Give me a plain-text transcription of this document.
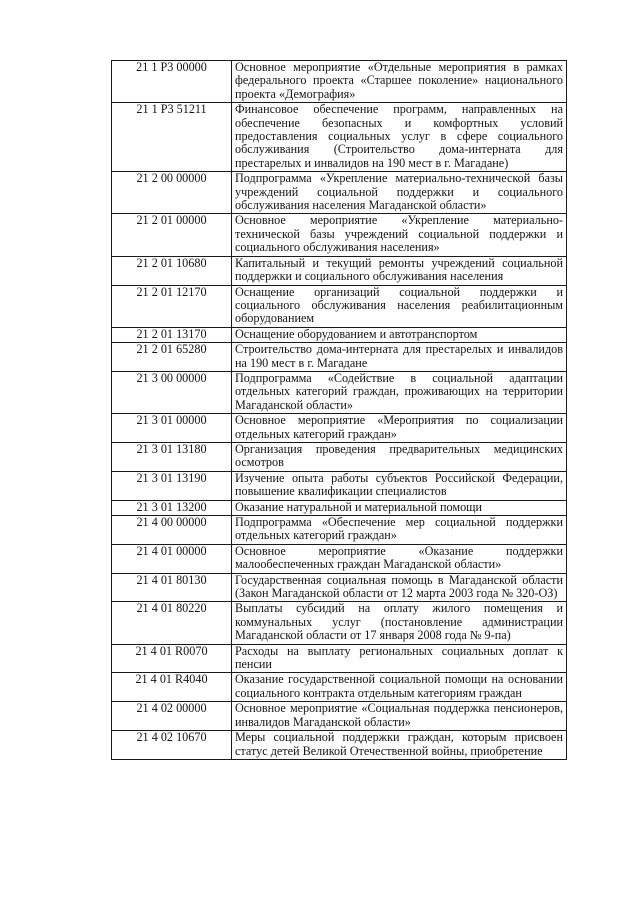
21 1 P3 00000	Основное мероприятие «Отдельные мероприятия в рамках федерального проекта «Старшее поколение» национального проекта «Демография»
21 1 P3 51211	Финансовое обеспечение программ, направленных на обеспечение безопасных и комфортных условий предоставления социальных услуг в сфере социального обслуживания (Строительство дома-интерната для престарелых и инвалидов на 190 мест в г. Магадане)
21 2 00 00000	Подпрограмма «Укрепление материально-технической базы учреждений социальной поддержки и социального обслуживания населения Магаданской области»
21 2 01 00000	Основное мероприятие «Укрепление материально-технической базы учреждений социальной поддержки и социального обслуживания населения»
21 2 01 10680	Капитальный и текущий ремонты учреждений социальной поддержки и социального обслуживания населения
21 2 01 12170	Оснащение организаций социальной поддержки и социального обслуживания населения реабилитационным оборудованием
21 2 01 13170	Оснащение оборудованием и автотранспортом
21 2 01 65280	Строительство дома-интерната для престарелых и инвалидов на 190 мест в г. Магадане
21 3 00 00000	Подпрограмма «Содействие в социальной адаптации отдельных категорий граждан, проживающих на территории Магаданской области»
21 3 01 00000	Основное мероприятие «Мероприятия по социализации отдельных категорий граждан»
21 3 01 13180	Организация проведения предварительных медицинских осмотров
21 3 01 13190	Изучение опыта работы субъектов Российской Федерации, повышение квалификации специалистов
21 3 01 13200	Оказание натуральной и материальной помощи
21 4 00 00000	Подпрограмма «Обеспечение мер социальной поддержки отдельных категорий граждан»
21 4 01 00000	Основное мероприятие «Оказание поддержки малообеспеченных граждан Магаданской области»
21 4 01 80130	Государственная социальная помощь в Магаданской области (Закон Магаданской области от 12 марта 2003 года № 320-ОЗ)
21 4 01 80220	Выплаты субсидий на оплату жилого помещения и коммунальных услуг (постановление администрации Магаданской области от 17 января 2008 года № 9-па)
21 4 01 R0070	Расходы на выплату региональных социальных доплат к пенсии
21 4 01 R4040	Оказание государственной социальной помощи на основании социального контракта отдельным категориям граждан
21 4 02 00000	Основное мероприятие «Социальная поддержка пенсионеров, инвалидов Магаданской области»
21 4 02 10670	Меры социальной поддержки граждан, которым присвоен статус детей Великой Отечественной войны, приобретение
